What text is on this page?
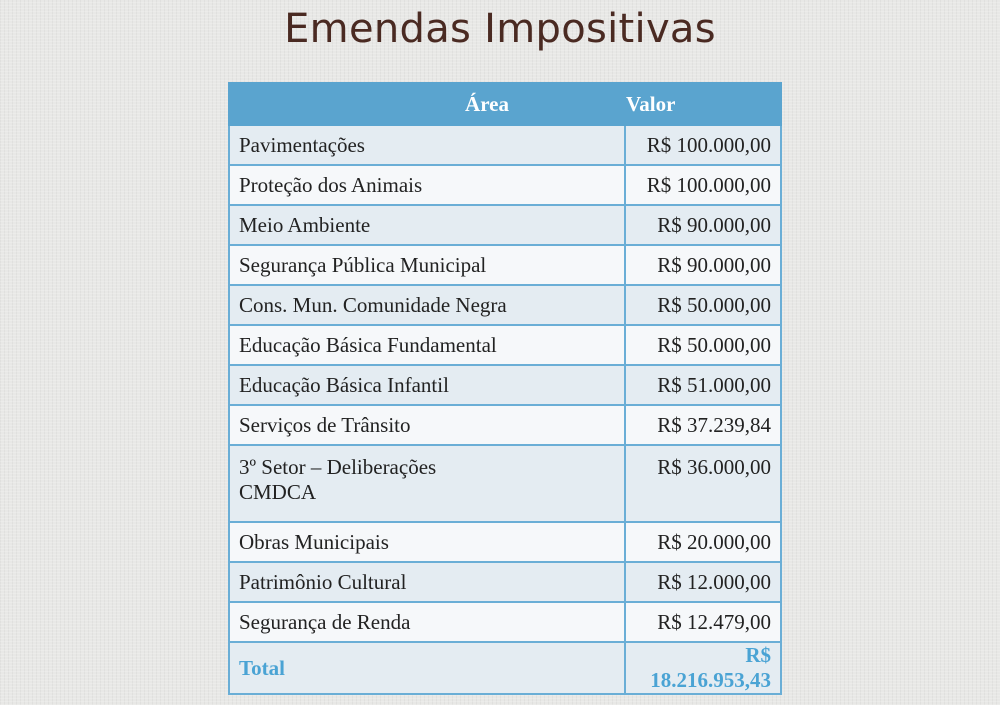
Emendas Impositivas
Área	Valor
Pavimentações	R$ 100.000,00
Proteção dos Animais	R$ 100.000,00
Meio Ambiente	R$ 90.000,00
Segurança Pública Municipal	R$ 90.000,00
Cons. Mun. Comunidade Negra	R$ 50.000,00
Educação Básica Fundamental	R$ 50.000,00
Educação Básica Infantil	R$ 51.000,00
Serviços de Trânsito	R$ 37.239,84
3º Setor – Deliberações CMDCA	R$ 36.000,00
Obras Municipais	R$ 20.000,00
Patrimônio Cultural	R$ 12.000,00
Segurança de Renda	R$ 12.479,00
Total	R$ 18.216.953,43
